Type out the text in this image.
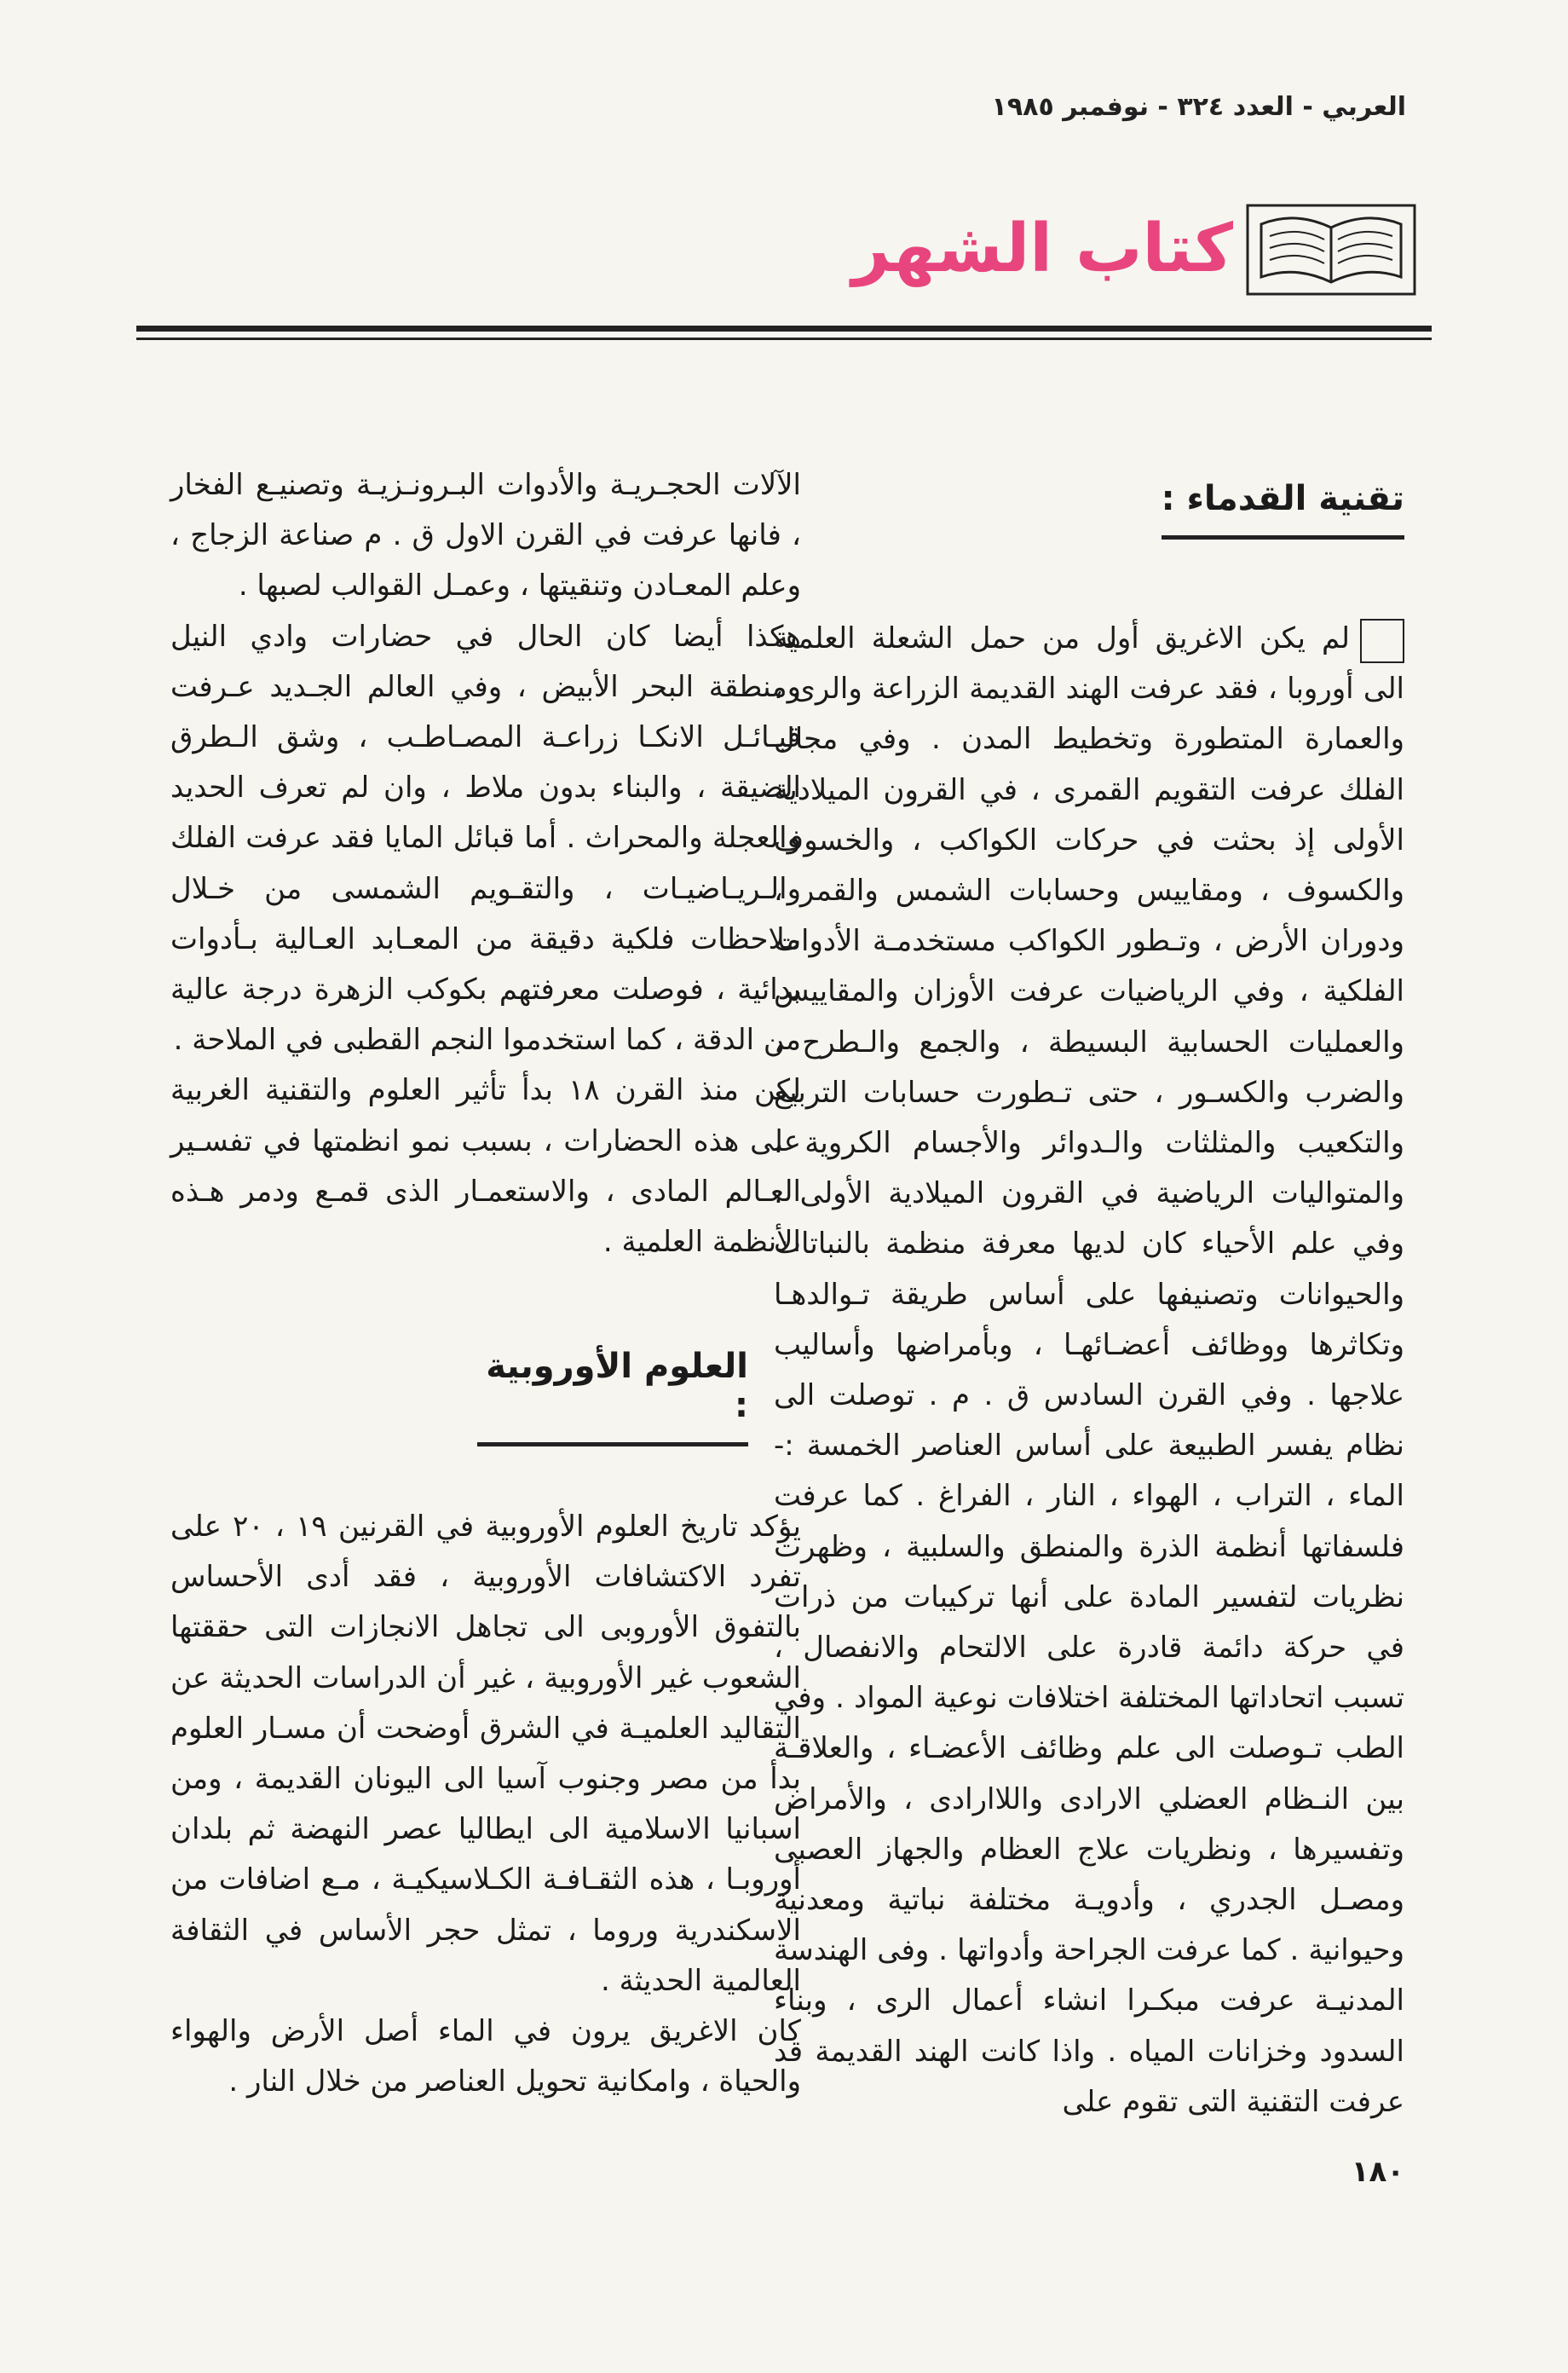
العربي - العدد ٣٢٤ - نوفمبر ١٩٨٥
كتاب الشهر
تقنية القدماء :

لم يكن الاغريق أول من حمل الشعلة العلمية الى أوروبا ، فقد عرفت الهند القديمة الزراعة والرى ، والعمارة المتطورة وتخطيط المدن . وفي مجال الفلك عرفت التقويم القمرى ، في القرون الميلادية الأولى إذ بحثت في حركات الكواكب ، والخسوف والكسوف ، ومقاييس وحسابات الشمس والقمر ، ودوران الأرض ، وتـطور الكواكب مستخدمـة الأدوات الفلكية ، وفي الرياضيات عرفت الأوزان والمقاييس والعمليات الحسابية البسيطة ، والجمع والـطرح ، والضرب والكسـور ، حتى تـطورت حسابات التربيع والتكعيب والمثلثات والـدوائر والأجسام الكروية ، والمتواليات الرياضية في القرون الميلادية الأولى . وفي علم الأحياء كان لديها معرفة منظمة بالنباتات والحيوانات وتصنيفها على أساس طريقة تـوالدهـا وتكاثرها ووظائف أعضـائهـا ، وبأمراضها وأساليب علاجها . وفي القرن السادس ق . م . توصلت الى نظام يفسر الطبيعة على أساس العناصر الخمسة :- الماء ، التراب ، الهواء ، النار ، الفراغ . كما عرفت فلسفاتها أنظمة الذرة والمنطق والسلبية ، وظهرت نظريات لتفسير المادة على أنها تركيبات من ذرات في حركة دائمة قادرة على الالتحام والانفصال ، تسبب اتحاداتها المختلفة اختلافات نوعية المواد . وفي الطب تـوصلت الى علم وظائف الأعضـاء ، والعلاقـة بين النـظام العضلي الارادى واللاارادى ، والأمراض وتفسيرها ، ونظريات علاج العظام والجهاز العصبى ومصـل الجدري ، وأدويـة مختلفة نباتية ومعدنية وحيوانية . كما عرفت الجراحة وأدواتها . وفى الهندسة المدنيـة عرفت مبكـرا انشاء أعمال الرى ، وبناء السدود وخزانات المياه . واذا كانت الهند القديمة قد عرفت التقنية التى تقوم على

الآلات الحجـريـة والأدوات البـرونـزيـة وتصنيـع الفخار ، فانها عرفت في القرن الاول ق . م صناعة الزجاج ، وعلم المعـادن وتنقيتها ، وعمـل القوالب لصبها .

هكذا أيضا كان الحال في حضارات وادي النيل ومنطقة البحر الأبيض ، وفي العالم الجـديد عـرفت قبـائـل الانكـا زراعـة المصـاطـب ، وشق الـطرق الضيقة ، والبناء بدون ملاط ، وان لم تعرف الحديد والعجلة والمحراث . أما قبائل المايا فقد عرفت الفلك والـريـاضيـات ، والتقـويم الشمسى من خـلال ملاحظات فلكية دقيقة من المعـابد العـالية بـأدوات بدائية ، فوصلت معرفتهم بكوكب الزهرة درجة عالية من الدقة ، كما استخدموا النجم القطبى في الملاحة .

لكن منذ القرن ١٨ بدأ تأثير العلوم والتقنية الغربية على هذه الحضارات ، بسبب نمو انظمتها في تفسـير العـالم المادى ، والاستعمـار الذى قمـع ودمر هـذه الأنظمة العلمية .

العلوم الأوروبية :

يؤكد تاريخ العلوم الأوروبية في القرنين ١٩ ، ٢٠ على تفرد الاكتشافات الأوروبية ، فقد أدى الأحساس بالتفوق الأوروبى الى تجاهل الانجازات التى حققتها الشعوب غير الأوروبية ، غير أن الدراسات الحديثة عن التقاليد العلميـة في الشرق أوضحت أن مسـار العلوم بدأ من مصر وجنوب آسيا الى اليونان القديمة ، ومن اسبانيا الاسلامية الى ايطاليا عصر النهضة ثم بلدان أوروبـا ، هذه الثقـافـة الكـلاسيكيـة ، مـع اضافات من الاسكندرية وروما ، تمثل حجر الأساس في الثقافة العالمية الحديثة .

كان الاغريق يرون في الماء أصل الأرض والهواء والحياة ، وامكانية تحويل العناصر من خلال النار .

١٨٠
